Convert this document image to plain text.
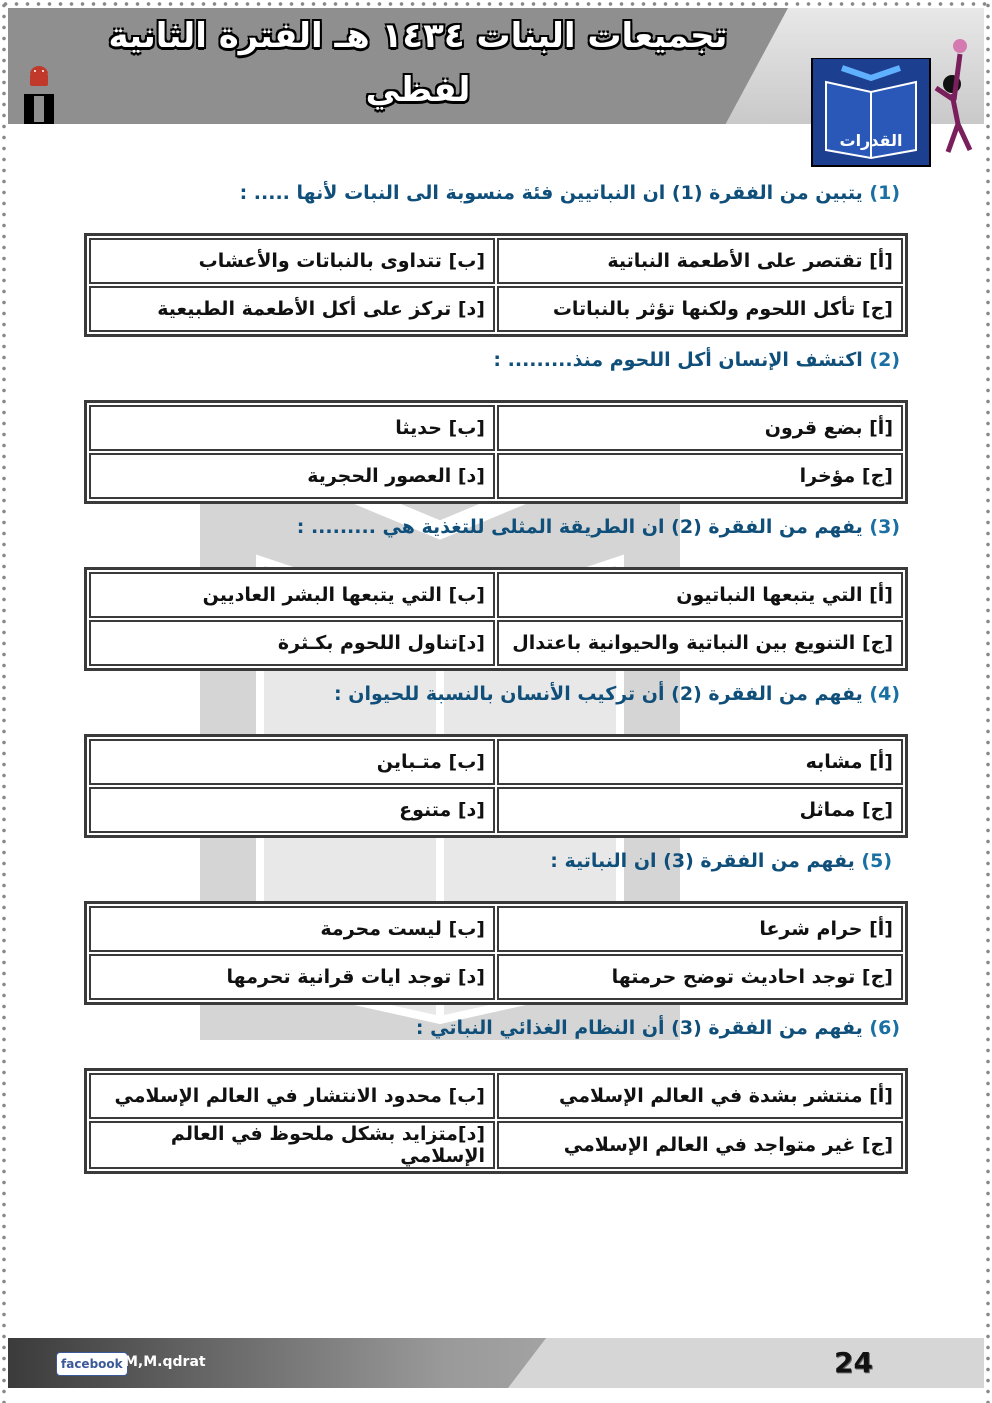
تجميعات البنات ١٤٣٤ هـ الفترة الثانية
لفظي
القدرات
(1) يتبين من الفقرة (1) ان النباتيين فئة منسوبة الى النبات لأنها ..... :
[أ] تقتصر على الأطعمة النباتية	[ب] تتداوى بالنباتات والأعشاب
[ج] تأكل اللحوم ولكنها تؤثر بالنباتات	[د] تركز على أكل الأطعمة الطبيعية
(2) اكتشف الإنسان أكل اللحوم منذ......... :
[أ] بضع قرون	[ب] حديثا
[ج] مؤخرا	[د] العصور الحجرية
(3) يفهم من الفقرة (2) ان الطريقة المثلى للتغذية هي ......... :
[أ] التي يتبعها النباتيون	[ب] التي يتبعها البشر العاديين
[ج] التنويع بين النباتية والحيوانية باعتدال	[د]تناول اللحوم بكـثرة
(4) يفهم من الفقرة (2) أن تركيب الأنسان بالنسبة للحيوان :
[أ] مشابه	[ب] متـباين
[ج] مماثل	[د] متنوع
(5) يفهم من الفقرة (3) ان النباتية :
[أ] حرام شرعا	[ب] ليست محرمة
[ج] توجد احاديث توضح حرمتها	[د] توجد ايات قرانية تحرمها
(6) يفهم من الفقرة (3) أن النظام الغذائي النباتي :
[أ] منتشر بشدة في العالم الإسلامي	[ب] محدود الانتشار في العالم الإسلامي
[ج] غير متواجد في العالم الإسلامي	[د]متزايد بشكل ملحوظ في العالم الإسلامي
facebook M,M.qdrat	24
